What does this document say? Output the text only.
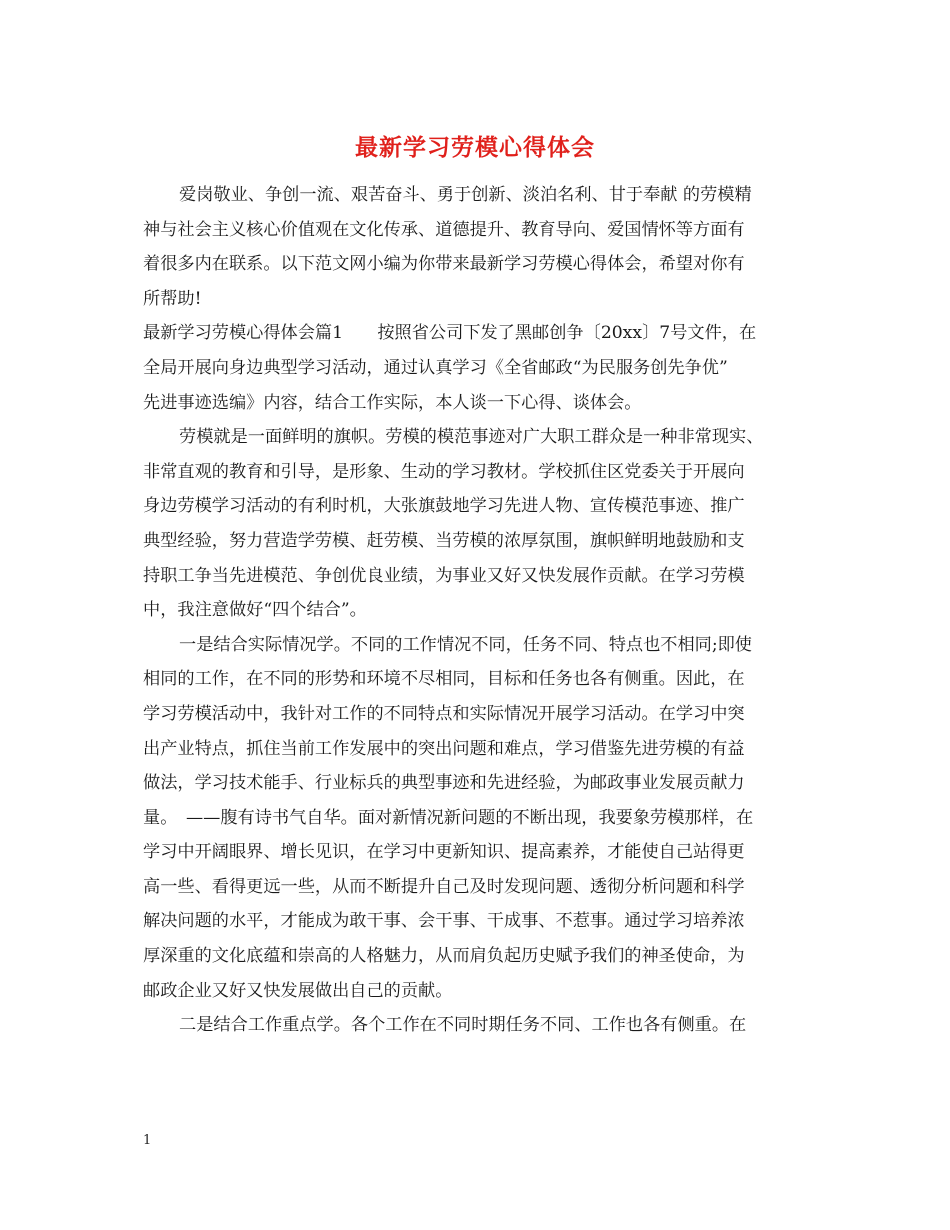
最新学习劳模心得体会
爱岗敬业、争创一流、艰苦奋斗、勇于创新、淡泊名利、甘于奉献 的劳模精
神与社会主义核心价值观在文化传承、道德提升、教育导向、爱国情怀等方面有
着很多内在联系。以下范文网小编为你带来最新学习劳模心得体会，希望对你有
所帮助!
最新学习劳模心得体会篇1　　按照省公司下发了黑邮创争〔20xx〕7号文件，在
全局开展向身边典型学习活动，通过认真学习《全省邮政“为民服务创先争优”
先进事迹选编》内容，结合工作实际，本人谈一下心得、谈体会。
劳模就是一面鲜明的旗帜。劳模的模范事迹对广大职工群众是一种非常现实、
非常直观的教育和引导，是形象、生动的学习教材。学校抓住区党委关于开展向
身边劳模学习活动的有利时机，大张旗鼓地学习先进人物、宣传模范事迹、推广
典型经验，努力营造学劳模、赶劳模、当劳模的浓厚氛围，旗帜鲜明地鼓励和支
持职工争当先进模范、争创优良业绩，为事业又好又快发展作贡献。在学习劳模
中，我注意做好“四个结合”。
一是结合实际情况学。不同的工作情况不同，任务不同、特点也不相同;即使
相同的工作，在不同的形势和环境不尽相同，目标和任务也各有侧重。因此，在
学习劳模活动中，我针对工作的不同特点和实际情况开展学习活动。在学习中突
出产业特点，抓住当前工作发展中的突出问题和难点，学习借鉴先进劳模的有益
做法，学习技术能手、行业标兵的典型事迹和先进经验，为邮政事业发展贡献力
量。　——腹有诗书气自华。面对新情况新问题的不断出现，我要象劳模那样，在
学习中开阔眼界、增长见识，在学习中更新知识、提高素养，才能使自己站得更
高一些、看得更远一些，从而不断提升自己及时发现问题、透彻分析问题和科学
解决问题的水平，才能成为敢干事、会干事、干成事、不惹事。通过学习培养浓
厚深重的文化底蕴和崇高的人格魅力，从而肩负起历史赋予我们的神圣使命，为
邮政企业又好又快发展做出自己的贡献。
二是结合工作重点学。各个工作在不同时期任务不同、工作也各有侧重。在
1
